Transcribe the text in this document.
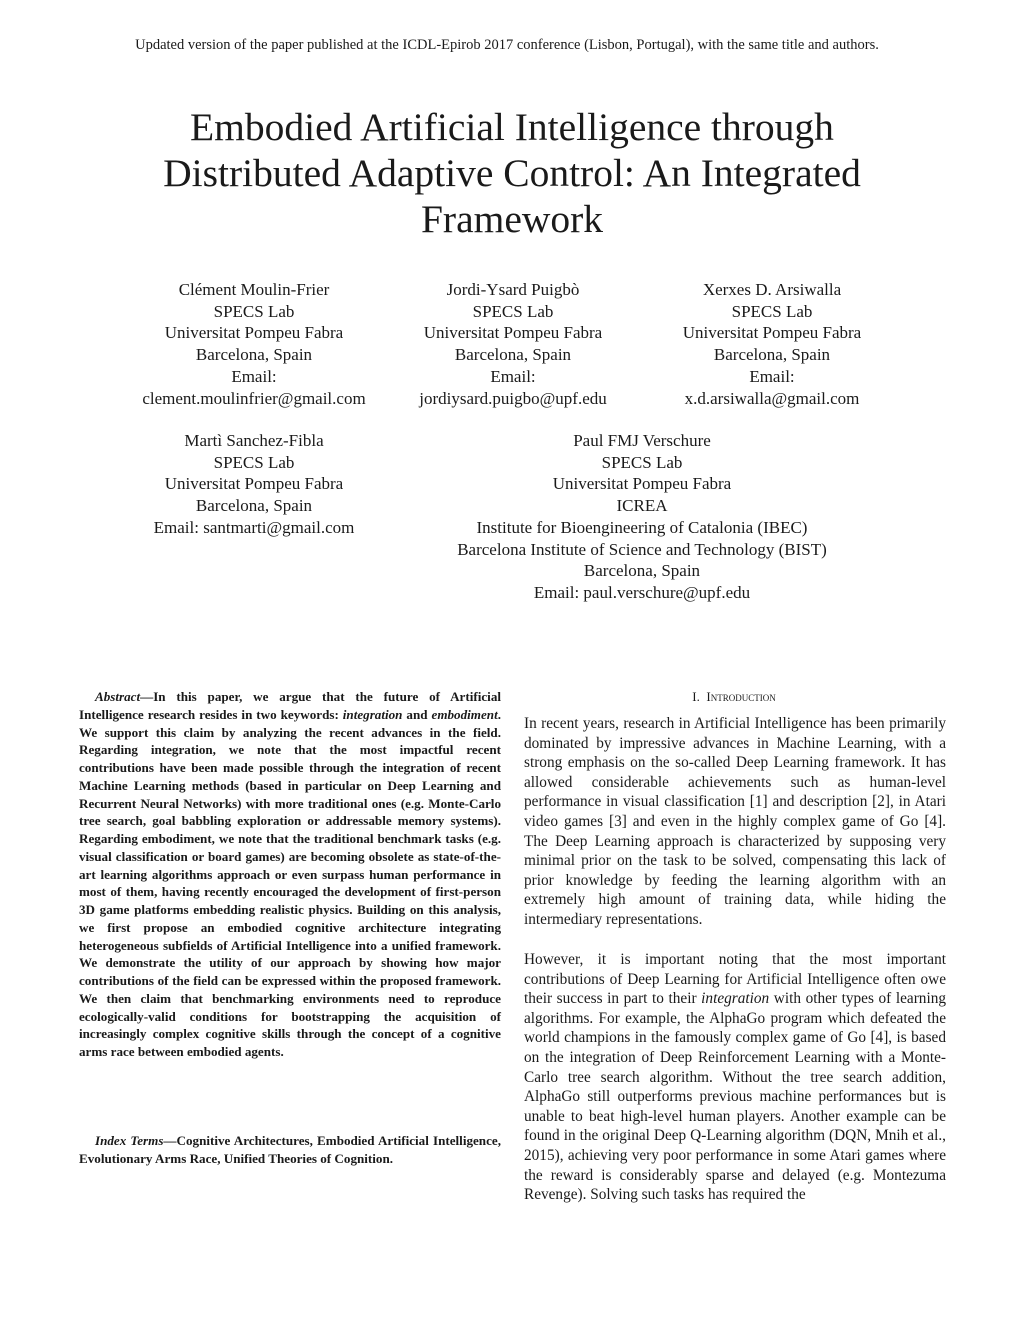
Updated version of the paper published at the ICDL-Epirob 2017 conference (Lisbon, Portugal), with the same title and authors.
Embodied Artificial Intelligence through
Distributed Adaptive Control: An Integrated
Framework
Clément Moulin-Frier
SPECS Lab
Universitat Pompeu Fabra
Barcelona, Spain
Email:
clement.moulinfrier@gmail.com
Jordi-Ysard Puigbò
SPECS Lab
Universitat Pompeu Fabra
Barcelona, Spain
Email:
jordiysard.puigbo@upf.edu
Xerxes D. Arsiwalla
SPECS Lab
Universitat Pompeu Fabra
Barcelona, Spain
Email:
x.d.arsiwalla@gmail.com
Martì Sanchez-Fibla
SPECS Lab
Universitat Pompeu Fabra
Barcelona, Spain
Email: santmarti@gmail.com
Paul FMJ Verschure
SPECS Lab
Universitat Pompeu Fabra
ICREA
Institute for Bioengineering of Catalonia (IBEC)
Barcelona Institute of Science and Technology (BIST)
Barcelona, Spain
Email: paul.verschure@upf.edu

Abstract—In this paper, we argue that the future of Artificial Intelligence research resides in two keywords: integration and embodiment. We support this claim by analyzing the recent advances in the field. Regarding integration, we note that the most impactful recent contributions have been made possible through the integration of recent Machine Learning methods (based in particular on Deep Learning and Recurrent Neural Networks) with more traditional ones (e.g. Monte-Carlo tree search, goal babbling exploration or addressable memory systems). Regarding embodiment, we note that the traditional benchmark tasks (e.g. visual classification or board games) are becoming obsolete as state-of-the-art learning algorithms approach or even surpass human performance in most of them, having recently encouraged the development of first-person 3D game platforms embedding realistic physics. Building on this analysis, we first propose an embodied cognitive architecture integrating heterogeneous subfields of Artificial Intelligence into a unified framework. We demonstrate the utility of our approach by showing how major contributions of the field can be expressed within the proposed framework. We then claim that benchmarking environments need to reproduce ecologically-valid conditions for bootstrapping the acquisition of increasingly complex cognitive skills through the concept of a cognitive arms race between embodied agents.

Index Terms—Cognitive Architectures, Embodied Artificial Intelligence, Evolutionary Arms Race, Unified Theories of Cognition.

I. Introduction

In recent years, research in Artificial Intelligence has been primarily dominated by impressive advances in Machine Learning, with a strong emphasis on the so-called Deep Learning framework. It has allowed considerable achievements such as human-level performance in visual classification [1] and description [2], in Atari video games [3] and even in the highly complex game of Go [4]. The Deep Learning approach is characterized by supposing very minimal prior on the task to be solved, compensating this lack of prior knowledge by feeding the learning algorithm with an extremely high amount of training data, while hiding the intermediary representations.

However, it is important noting that the most important contributions of Deep Learning for Artificial Intelligence often owe their success in part to their integration with other types of learning algorithms. For example, the AlphaGo program which defeated the world champions in the famously complex game of Go [4], is based on the integration of Deep Reinforcement Learning with a Monte-Carlo tree search algorithm. Without the tree search addition, AlphaGo still outperforms previous machine performances but is unable to beat high-level human players. Another example can be found in the original Deep Q-Learning algorithm (DQN, Mnih et al., 2015), achieving very poor performance in some Atari games where the reward is considerably sparse and delayed (e.g. Montezuma Revenge). Solving such tasks has required the
